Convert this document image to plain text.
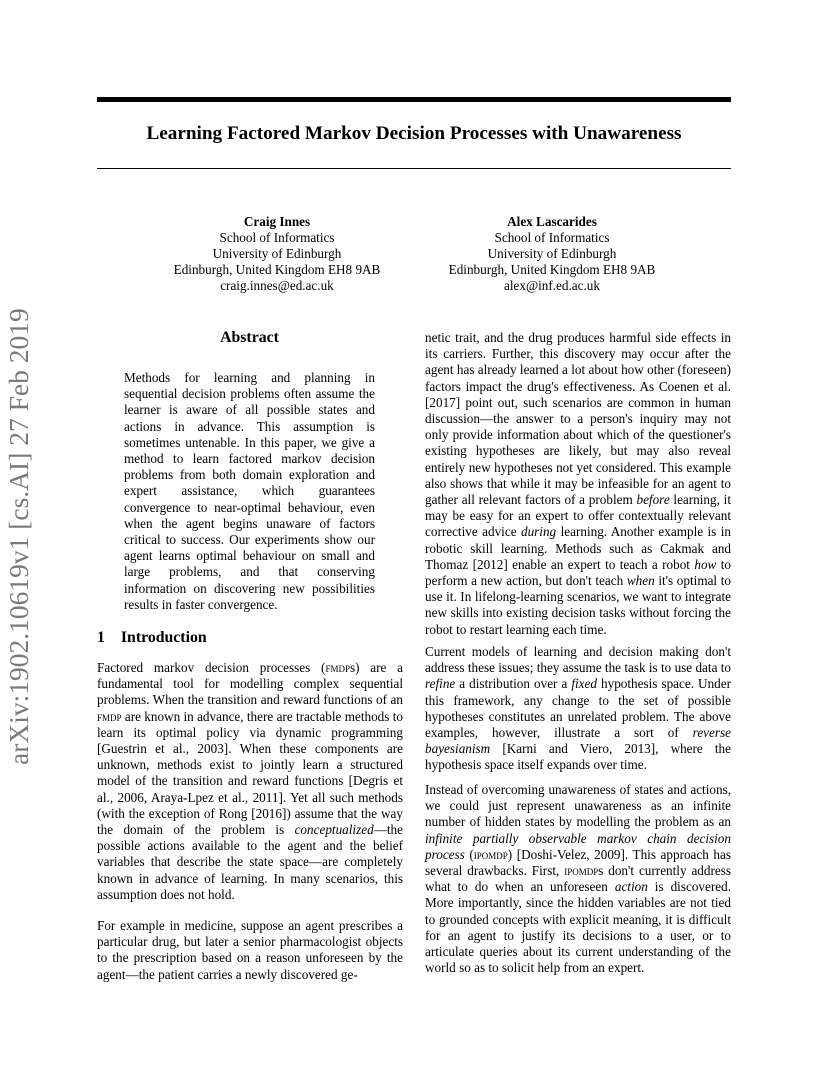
Learning Factored Markov Decision Processes with Unawareness
arXiv:1902.10619v1 [cs.AI] 27 Feb 2019
Craig Innes
School of Informatics
University of Edinburgh
Edinburgh, United Kingdom EH8 9AB
craig.innes@ed.ac.uk
Alex Lascarides
School of Informatics
University of Edinburgh
Edinburgh, United Kingdom EH8 9AB
alex@inf.ed.ac.uk
Abstract
Methods for learning and planning in sequential decision problems often assume the learner is aware of all possible states and actions in advance. This assumption is sometimes untenable. In this paper, we give a method to learn factored markov decision problems from both domain exploration and expert assistance, which guarantees convergence to near-optimal behaviour, even when the agent begins unaware of factors critical to success. Our experiments show our agent learns optimal behaviour on small and large problems, and that conserving information on discovering new possibilities results in faster convergence.
1 Introduction

Factored markov decision processes (fmdps) are a fundamental tool for modelling complex sequential problems. When the transition and reward functions of an fmdp are known in advance, there are tractable methods to learn its optimal policy via dynamic programming [Guestrin et al., 2003]. When these components are unknown, methods exist to jointly learn a structured model of the transition and reward functions [Degris et al., 2006, Araya-Lpez et al., 2011]. Yet all such methods (with the exception of Rong [2016]) assume that the way the domain of the problem is conceptualized—the possible actions available to the agent and the belief variables that describe the state space—are completely known in advance of learning. In many scenarios, this assumption does not hold.

For example in medicine, suppose an agent prescribes a particular drug, but later a senior pharmacologist objects to the prescription based on a reason unforeseen by the agent—the patient carries a newly discovered ge-

netic trait, and the drug produces harmful side effects in its carriers. Further, this discovery may occur after the agent has already learned a lot about how other (foreseen) factors impact the drug's effectiveness. As Coenen et al. [2017] point out, such scenarios are common in human discussion—the answer to a person's inquiry may not only provide information about which of the questioner's existing hypotheses are likely, but may also reveal entirely new hypotheses not yet considered. This example also shows that while it may be infeasible for an agent to gather all relevant factors of a problem before learning, it may be easy for an expert to offer contextually relevant corrective advice during learning. Another example is in robotic skill learning. Methods such as Cakmak and Thomaz [2012] enable an expert to teach a robot how to perform a new action, but don't teach when it's optimal to use it. In lifelong-learning scenarios, we want to integrate new skills into existing decision tasks without forcing the robot to restart learning each time.

Current models of learning and decision making don't address these issues; they assume the task is to use data to refine a distribution over a fixed hypothesis space. Under this framework, any change to the set of possible hypotheses constitutes an unrelated problem. The above examples, however, illustrate a sort of reverse bayesianism [Karni and Viero, 2013], where the hypothesis space itself expands over time.

Instead of overcoming unawareness of states and actions, we could just represent unawareness as an infinite number of hidden states by modelling the problem as an infinite partially observable markov chain decision process (ipomdp) [Doshi-Velez, 2009]. This approach has several drawbacks. First, ipomdps don't currently address what to do when an unforeseen action is discovered. More importantly, since the hidden variables are not tied to grounded concepts with explicit meaning, it is difficult for an agent to justify its decisions to a user, or to articulate queries about its current understanding of the world so as to solicit help from an expert.
